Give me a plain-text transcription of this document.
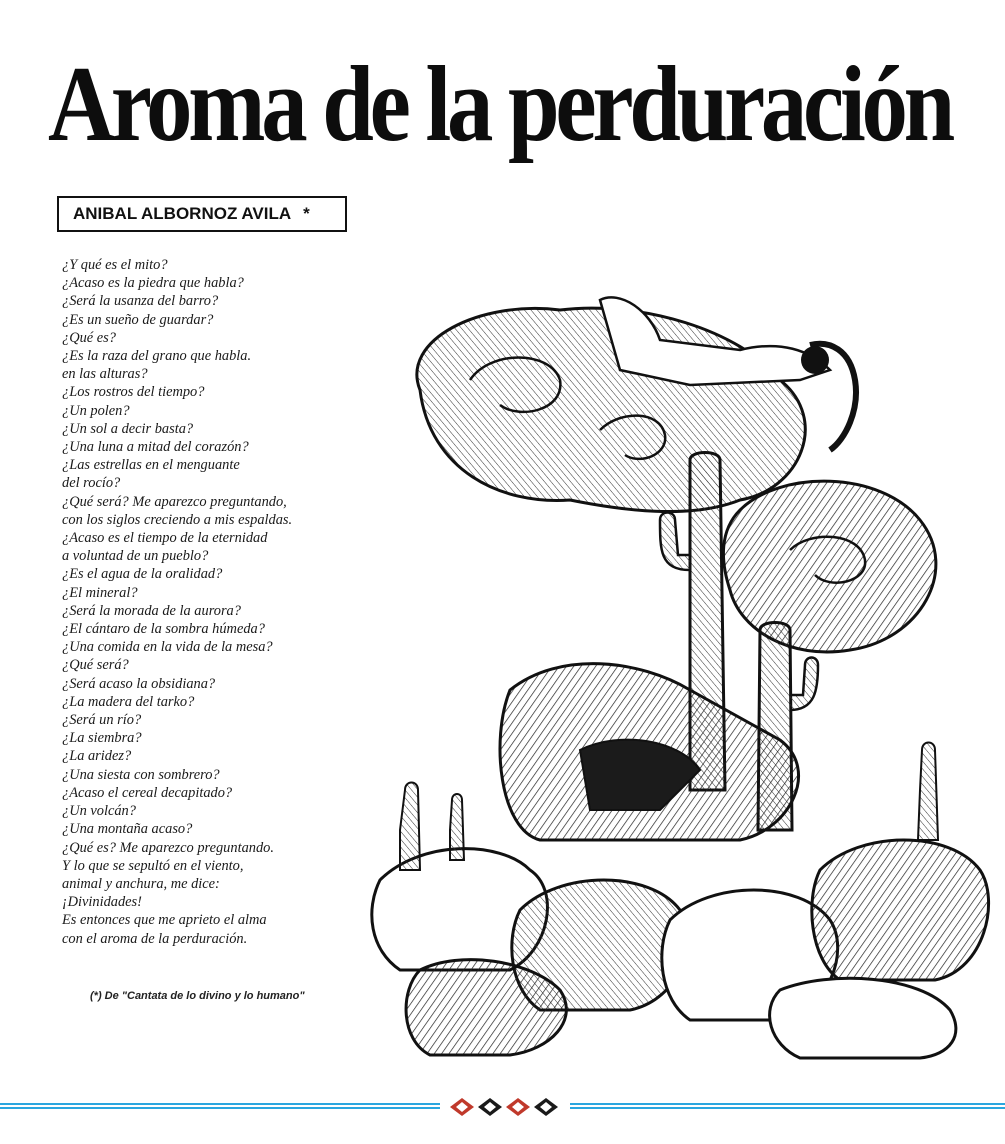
Aroma de la perduración
ANIBAL ALBORNOZ AVILA *
¿Y qué es el mito?
¿Acaso es la piedra que habla?
¿Será la usanza del barro?
¿Es un sueño de guardar?
¿Qué es?
¿Es la raza del grano que habla.
en las alturas?
¿Los rostros del tiempo?
¿Un polen?
¿Un sol a decir basta?
¿Una luna a mitad del corazón?
¿Las estrellas en el menguante
del rocío?
¿Qué será? Me aparezco preguntando,
con los siglos creciendo a mis espaldas.
¿Acaso es el tiempo de la eternidad
a voluntad de un pueblo?
¿Es el agua de la oralidad?
¿El mineral?
¿Será la morada de la aurora?
¿El cántaro de la sombra húmeda?
¿Una comida en la vida de la mesa?
¿Qué será?
¿Será acaso la obsidiana?
¿La madera del tarko?
¿Será un río?
¿La siembra?
¿La aridez?
¿Una siesta con sombrero?
¿Acaso el cereal decapitado?
¿Un volcán?
¿Una montaña acaso?
¿Qué es? Me aparezco preguntando.
Y lo que se sepultó en el viento,
animal y anchura, me dice:
¡Divinidades!
Es entonces que me aprieto el alma
con el aroma de la perduración.
(*) De "Cantata de lo divino y lo humano"
